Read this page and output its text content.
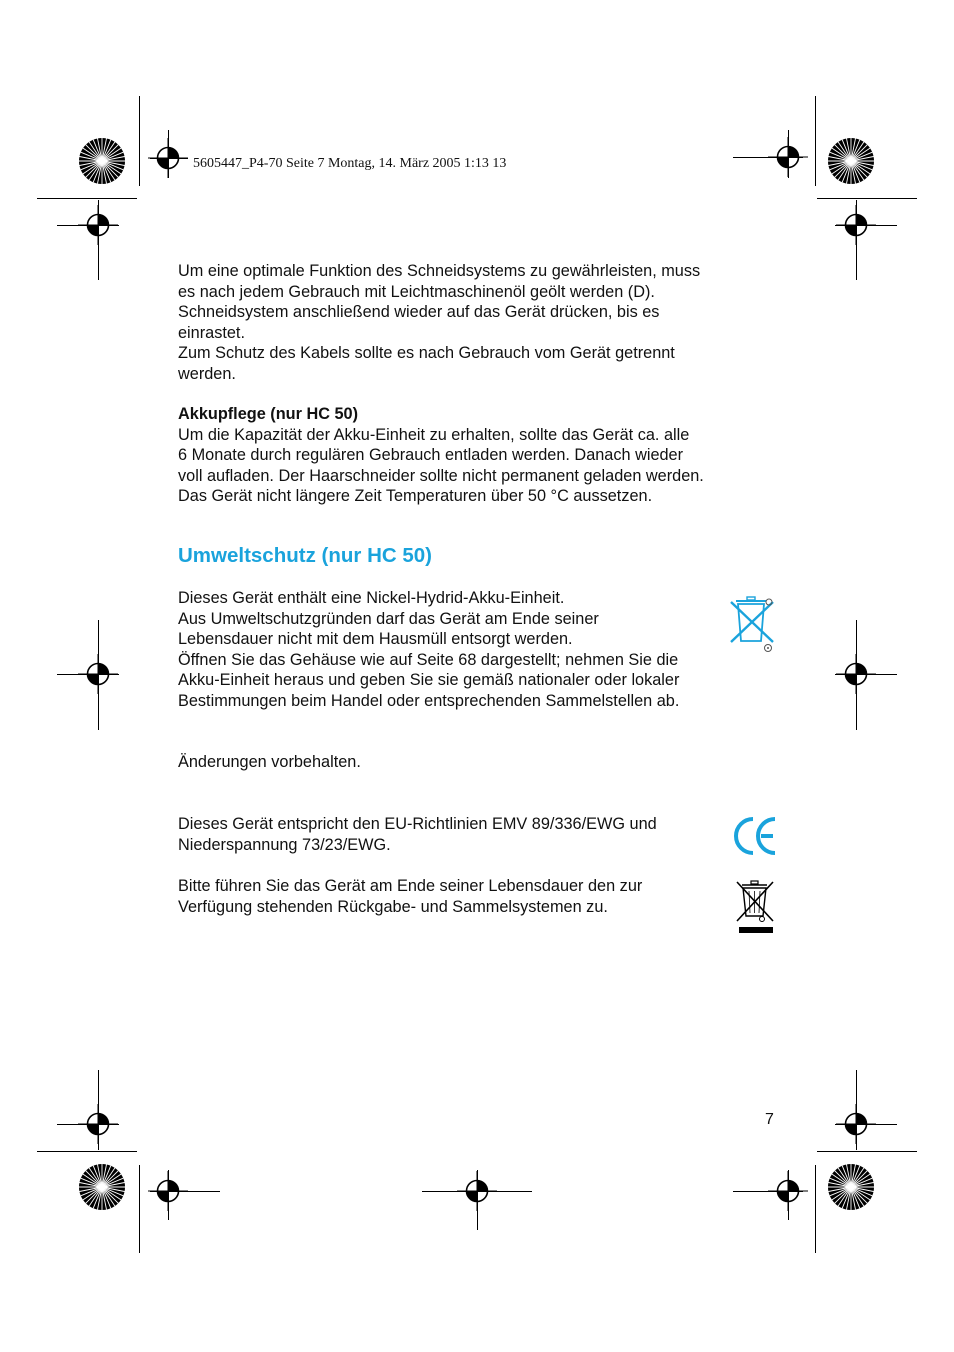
5605447_P4-70 Seite 7 Montag, 14. März 2005 1:13 13

Um eine optimale Funktion des Schneidsystems zu gewährleisten, muss

es nach jedem Gebrauch mit Leichtmaschinenöl geölt werden (D).

Schneidsystem anschließend wieder auf das Gerät drücken, bis es

einrastet.

Zum Schutz des Kabels sollte es nach Gebrauch vom Gerät getrennt

werden.

Akkupflege (nur HC 50)

Um die Kapazität der Akku-Einheit zu erhalten, sollte das Gerät ca. alle

6 Monate durch regulären Gebrauch entladen werden. Danach wieder

voll aufladen. Der Haarschneider sollte nicht permanent geladen werden.

Das Gerät nicht längere Zeit Temperaturen über 50 °C aussetzen.

Umweltschutz (nur HC 50)

Dieses Gerät enthält eine Nickel-Hydrid-Akku-Einheit.

Aus Umweltschutzgründen darf das Gerät am Ende seiner

Lebensdauer nicht mit dem Hausmüll entsorgt werden.

Öffnen Sie das Gehäuse wie auf Seite 68 dargestellt; nehmen Sie die

Akku-Einheit heraus und geben Sie sie gemäß nationaler oder lokaler

Bestimmungen beim Handel oder entsprechenden Sammelstellen ab.

Änderungen vorbehalten.

Dieses Gerät entspricht den EU-Richtlinien EMV 89/336/EWG und

Niederspannung 73/23/EWG.

Bitte führen Sie das Gerät am Ende seiner Lebensdauer den zur

Verfügung stehenden Rückgabe- und Sammelsystemen zu.

7
